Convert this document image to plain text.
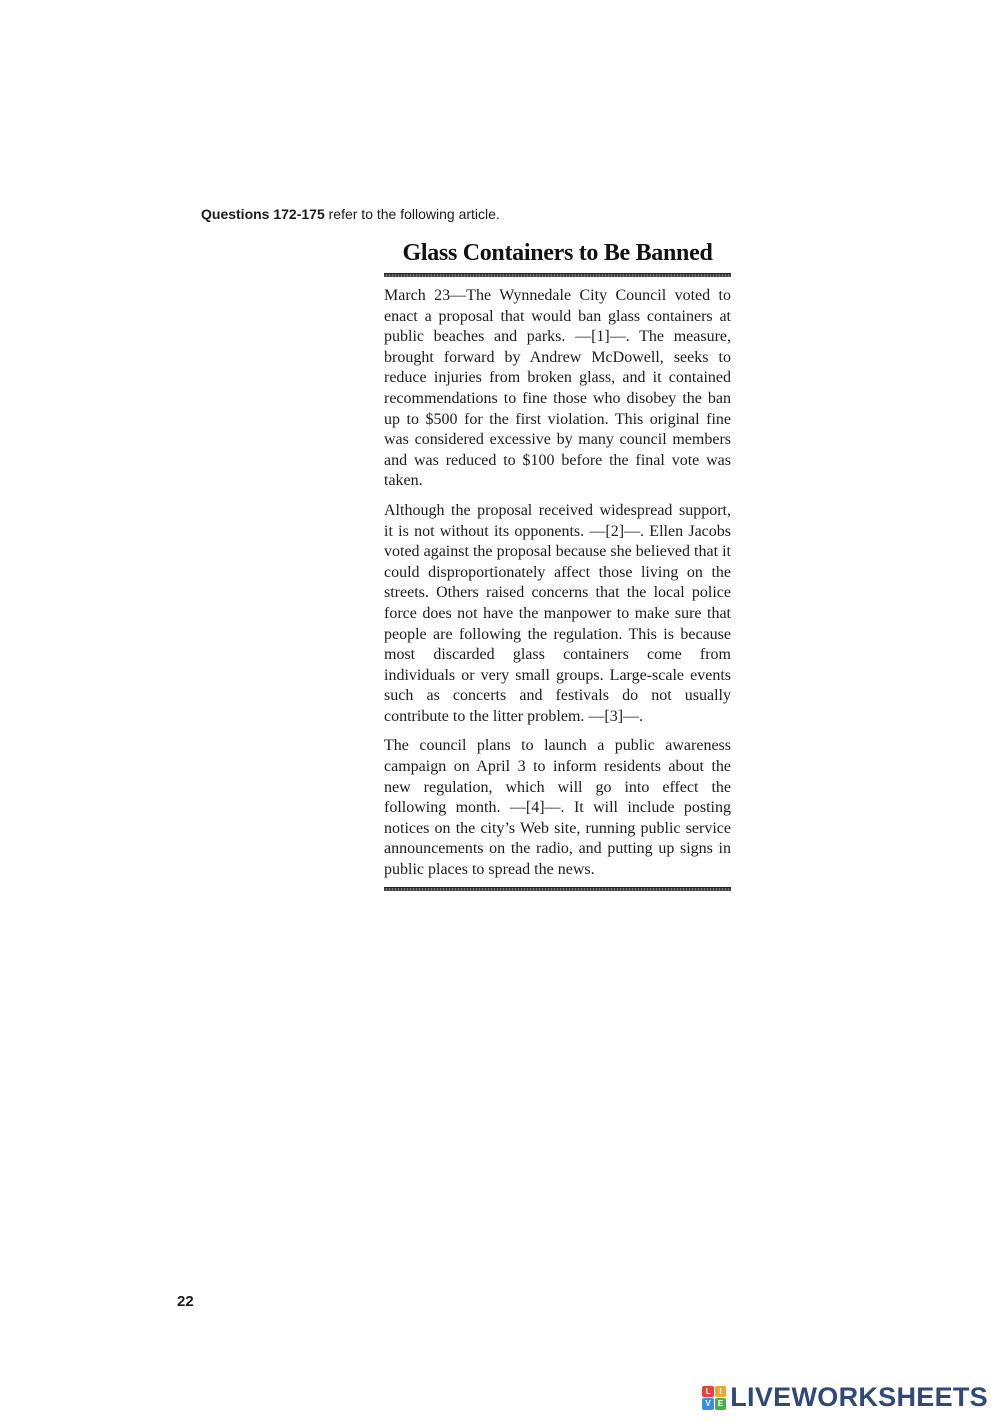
Questions 172-175 refer to the following article.
Glass Containers to Be Banned

March 23—The Wynnedale City Council voted to enact a proposal that would ban glass containers at public beaches and parks. —[1]—. The measure, brought forward by Andrew McDowell, seeks to reduce injuries from broken glass, and it contained recommendations to fine those who disobey the ban up to $500 for the first violation. This original fine was considered excessive by many council members and was reduced to $100 before the final vote was taken.

Although the proposal received widespread support, it is not without its opponents. —[2]—. Ellen Jacobs voted against the proposal because she believed that it could disproportionately affect those living on the streets. Others raised concerns that the local police force does not have the manpower to make sure that people are following the regulation. This is because most discarded glass containers come from individuals or very small groups. Large-scale events such as concerts and festivals do not usually contribute to the litter problem. —[3]—.

The council plans to launch a public awareness campaign on April 3 to inform residents about the new regulation, which will go into effect the following month. —[4]—. It will include posting notices on the city’s Web site, running public service announcements on the radio, and putting up signs in public places to spread the news.

22
L	I
V E LIVEWORKSHEETS
